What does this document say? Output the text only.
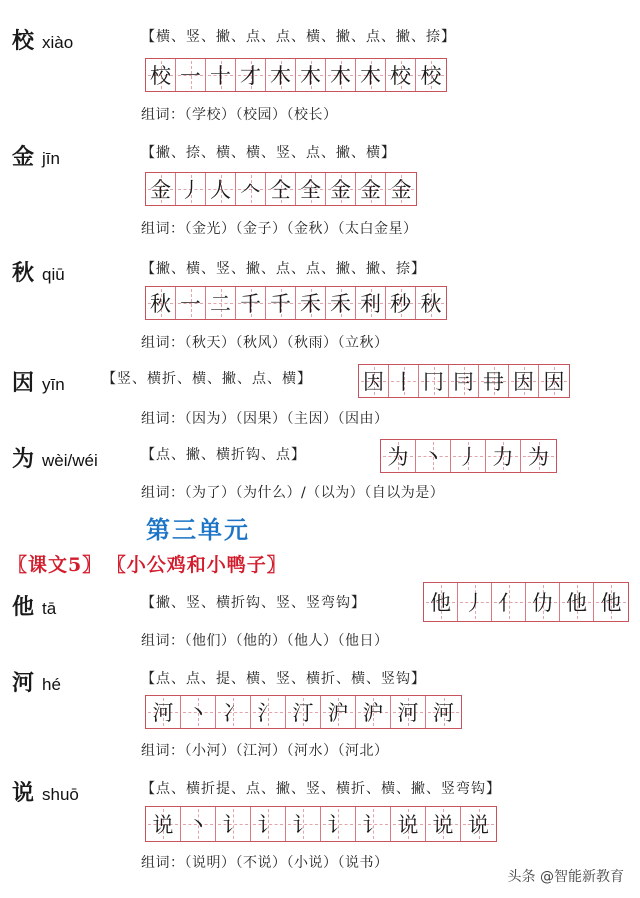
校 xiào	【横、竖、撇、点、点、横、撇、点、撇、捺】
校 一 十 才 木 木 木 木 校 校
组词：（学校）（校园）（校长）
金 jīn	【撇、捺、横、横、竖、点、撇、横】
金 丿 人 𠆢 仝 全 金 金 金
组词：（金光）（金子）（金秋）（太白金星）
秋 qiū	【撇、横、竖、撇、点、点、撇、撇、捺】
秋 一 二 千 千 禾 禾 利 秒 秋
组词：（秋天）（秋风）（秋雨）（立秋）
因 yīn	【竖、横折、横、撇、点、横】 因 丨 冂 冃 冄 因 因
组词：（因为）（因果）（主因）（因由）
为 wèi/wéi	【点、撇、横折钩、点】	为 丶 丿 力 为
组词：（为了）（为什么）/（以为）（自以为是）
第三单元
〖课文5〗 〖小公鸡和小鸭子〗
他 tā	【撇、竖、横折钩、竖、竖弯钩】	他 丿 亻 仂 他 他
组词：（他们）（他的）（他人）（他日）
河 hé	【点、点、提、横、竖、横折、横、竖钩】
河 丶 冫 氵 汀 沪 沪 河 河
组词：（小河）（江河）（河水）（河北）
说 shuō	【点、横折提、点、撇、竖、横折、横、撇、竖弯钩】
说 丶 讠 讠 讠 讠 讠 说 说 说
组词：（说明）（不说）（小说）（说书）
头条 @智能新教育
